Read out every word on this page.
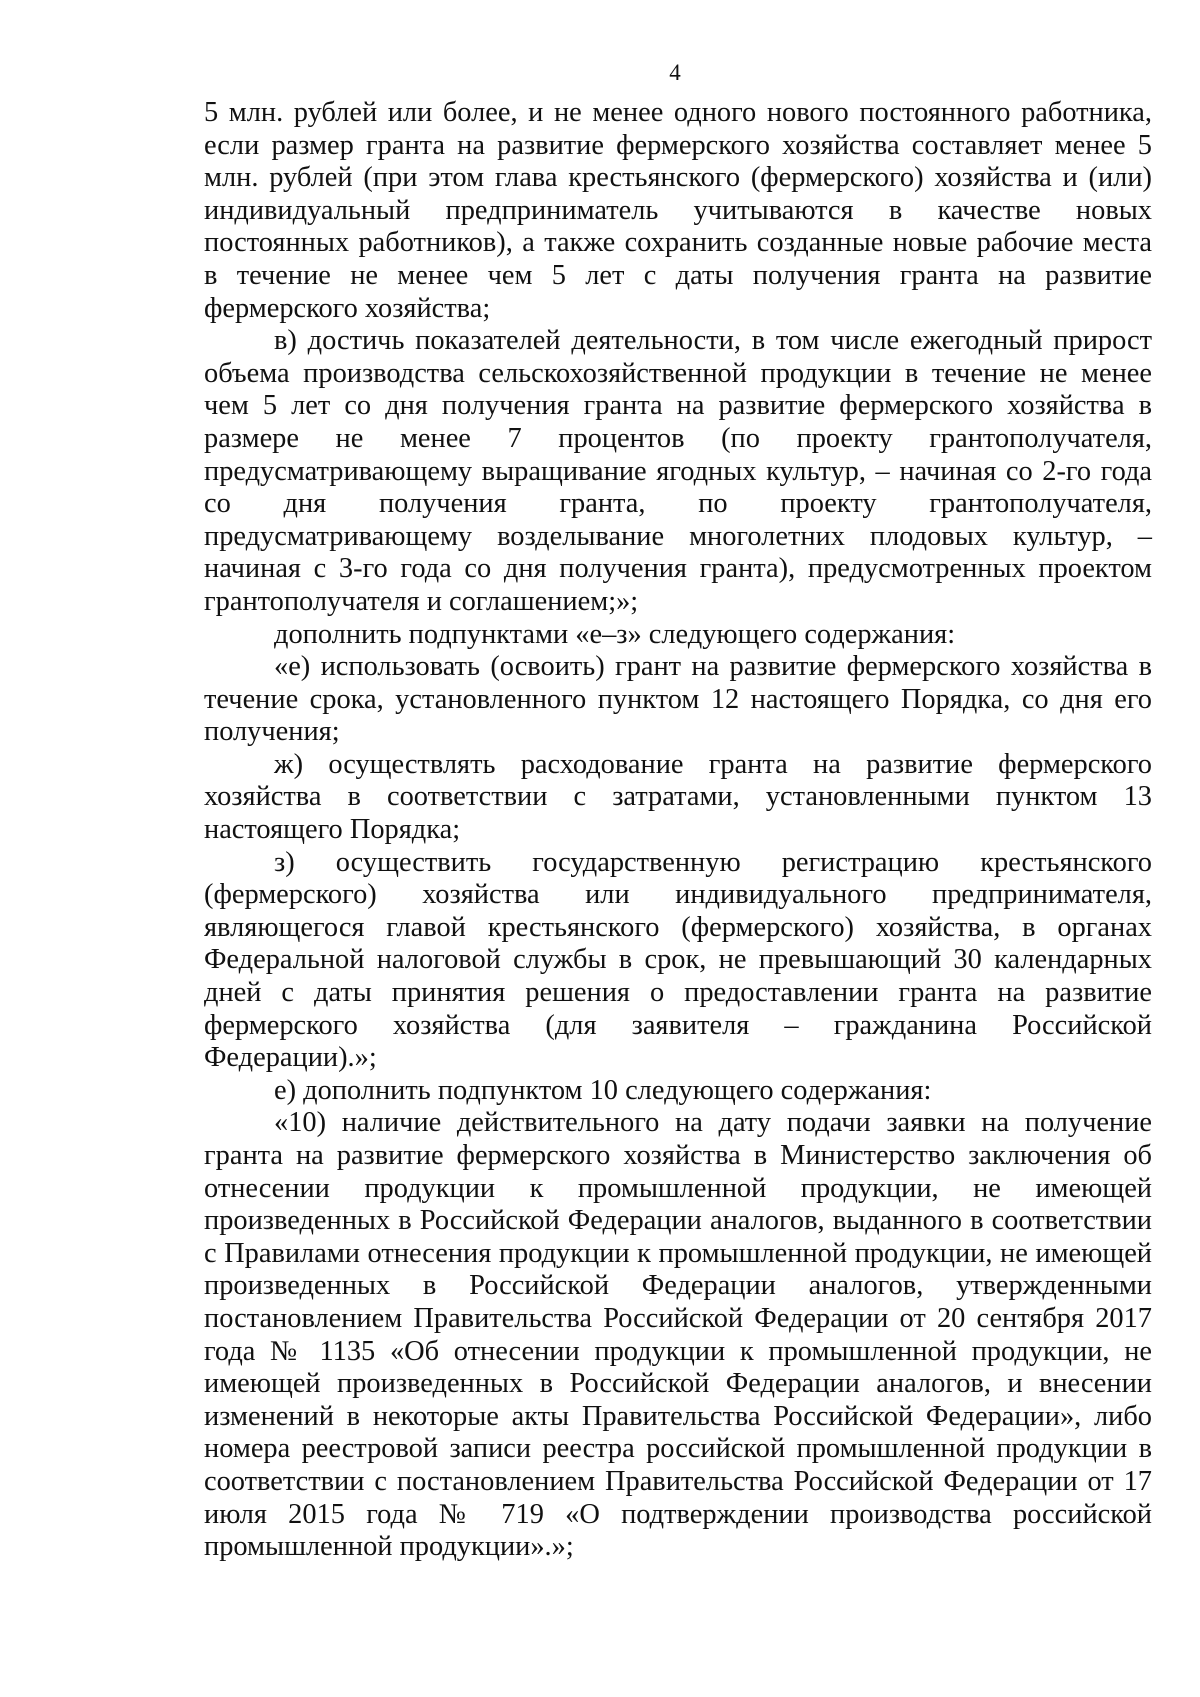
4

5 млн. рублей или более, и не менее одного нового постоянного работника, если размер гранта на развитие фермерского хозяйства составляет менее 5 млн. рублей (при этом глава крестьянского (фермерского) хозяйства и (или) индивидуальный предприниматель учитываются в качестве новых постоянных работников), а также сохранить созданные новые рабочие места в течение не менее чем 5 лет с даты получения гранта на развитие фермерского хозяйства;

в) достичь показателей деятельности, в том числе ежегодный прирост объема производства сельскохозяйственной продукции в течение не менее чем 5 лет со дня получения гранта на развитие фермерского хозяйства в размере не менее 7 процентов (по проекту грантополучателя, предусматривающему выращивание ягодных культур, – начиная со 2-го года со дня получения гранта, по проекту грантополучателя, предусматривающему возделывание многолетних плодовых культур, – начиная с 3-го года со дня получения гранта), предусмотренных проектом грантополучателя и соглашением;»;

дополнить подпунктами «е–з» следующего содержания:

«е) использовать (освоить) грант на развитие фермерского хозяйства в течение срока, установленного пунктом 12 настоящего Порядка, со дня его получения;

ж) осуществлять расходование гранта на развитие фермерского хозяйства в соответствии с затратами, установленными пунктом 13 настоящего Порядка;

з) осуществить государственную регистрацию крестьянского (фермерского) хозяйства или индивидуального предпринимателя, являющегося главой крестьянского (фермерского) хозяйства, в органах Федеральной налоговой службы в срок, не превышающий 30 календарных дней с даты принятия решения о предоставлении гранта на развитие фермерского хозяйства (для заявителя – гражданина Российской Федерации).»;

е) дополнить подпунктом 10 следующего содержания:

«10) наличие действительного на дату подачи заявки на получение гранта на развитие фермерского хозяйства в Министерство заключения об отнесении продукции к промышленной продукции, не имеющей произведенных в Российской Федерации аналогов, выданного в соответствии с Правилами отнесения продукции к промышленной продукции, не имеющей произведенных в Российской Федерации аналогов, утвержденными постановлением Правительства Российской Федерации от 20 сентября 2017 года № 1135 «Об отнесении продукции к промышленной продукции, не имеющей произведенных в Российской Федерации аналогов, и внесении изменений в некоторые акты Правительства Российской Федерации», либо номера реестровой записи реестра российской промышленной продукции в соответствии с постановлением Правительства Российской Федерации от 17 июля 2015 года № 719 «О подтверждении производства российской промышленной продукции».»;
